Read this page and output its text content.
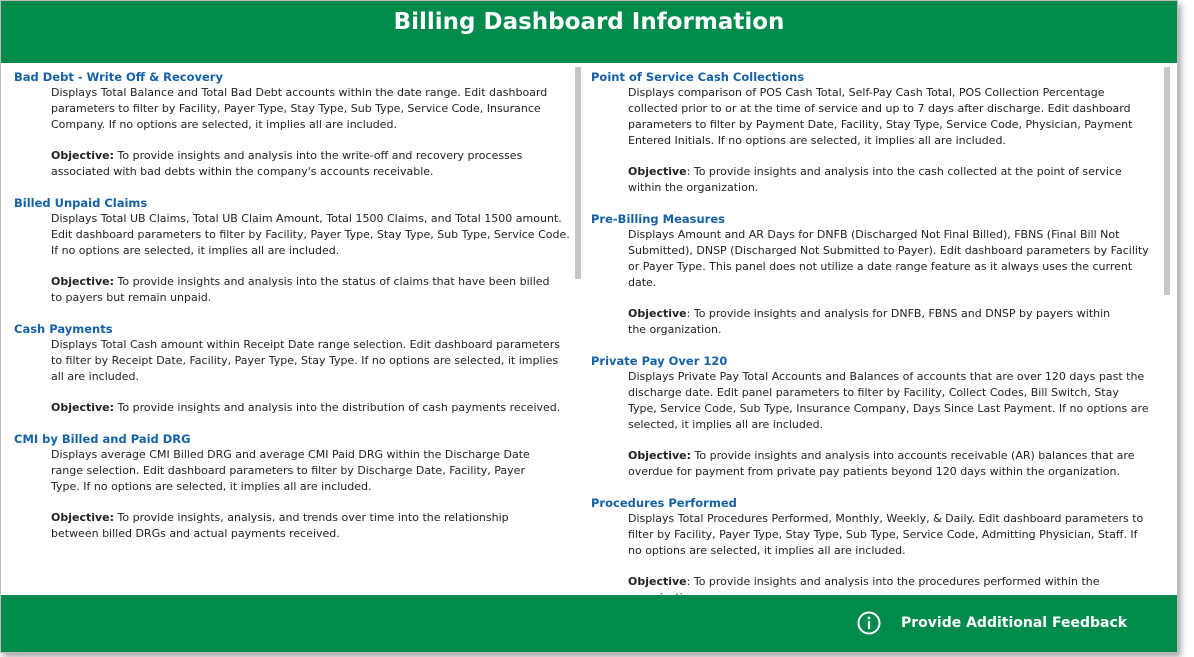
Billing Dashboard Information
Bad Debt - Write Off & Recovery

Displays Total Balance and Total Bad Debt accounts within the date range. Edit dashboard parameters to filter by Facility, Payer Type, Stay Type, Sub Type, Service Code, Insurance Company. If no options are selected, it implies all are included.

Objective: To provide insights and analysis into the write-off and recovery processes associated with bad debts within the company's accounts receivable.

Billed Unpaid Claims

Displays Total UB Claims, Total UB Claim Amount, Total 1500 Claims, and Total 1500 amount. Edit dashboard parameters to filter by Facility, Payer Type, Stay Type, Sub Type, Service Code. If no options are selected, it implies all are included.

Objective: To provide insights and analysis into the status of claims that have been billed to payers but remain unpaid.

Cash Payments

Displays Total Cash amount within Receipt Date range selection. Edit dashboard parameters to filter by Receipt Date, Facility, Payer Type, Stay Type. If no options are selected, it implies all are included.

Objective: To provide insights and analysis into the distribution of cash payments received.

CMI by Billed and Paid DRG

Displays average CMI Billed DRG and average CMI Paid DRG within the Discharge Date range selection. Edit dashboard parameters to filter by Discharge Date, Facility, Payer Type. If no options are selected, it implies all are included.

Objective: To provide insights, analysis, and trends over time into the relationship between billed DRGs and actual payments received.

Point of Service Cash Collections

Displays comparison of POS Cash Total, Self-Pay Cash Total, POS Collection Percentage collected prior to or at the time of service and up to 7 days after discharge. Edit dashboard parameters to filter by Payment Date, Facility, Stay Type, Service Code, Physician, Payment Entered Initials. If no options are selected, it implies all are included.

Objective: To provide insights and analysis into the cash collected at the point of service within the organization.

Pre-Billing Measures

Displays Amount and AR Days for DNFB (Discharged Not Final Billed), FBNS (Final Bill Not Submitted), DNSP (Discharged Not Submitted to Payer). Edit dashboard parameters by Facility or Payer Type. This panel does not utilize a date range feature as it always uses the current date.

Objective: To provide insights and analysis for DNFB, FBNS and DNSP by payers within the organization.

Private Pay Over 120

Displays Private Pay Total Accounts and Balances of accounts that are over 120 days past the discharge date. Edit panel parameters to filter by Facility, Collect Codes, Bill Switch, Stay Type, Service Code, Sub Type, Insurance Company, Days Since Last Payment. If no options are selected, it implies all are included.

Objective: To provide insights and analysis into accounts receivable (AR) balances that are overdue for payment from private pay patients beyond 120 days within the organization.

Procedures Performed

Displays Total Procedures Performed, Monthly, Weekly, & Daily. Edit dashboard parameters to filter by Facility, Payer Type, Stay Type, Sub Type, Service Code, Admitting Physician, Staff. If no options are selected, it implies all are included.

Objective: To provide insights and analysis into the procedures performed within the

Provide Additional Feedback
